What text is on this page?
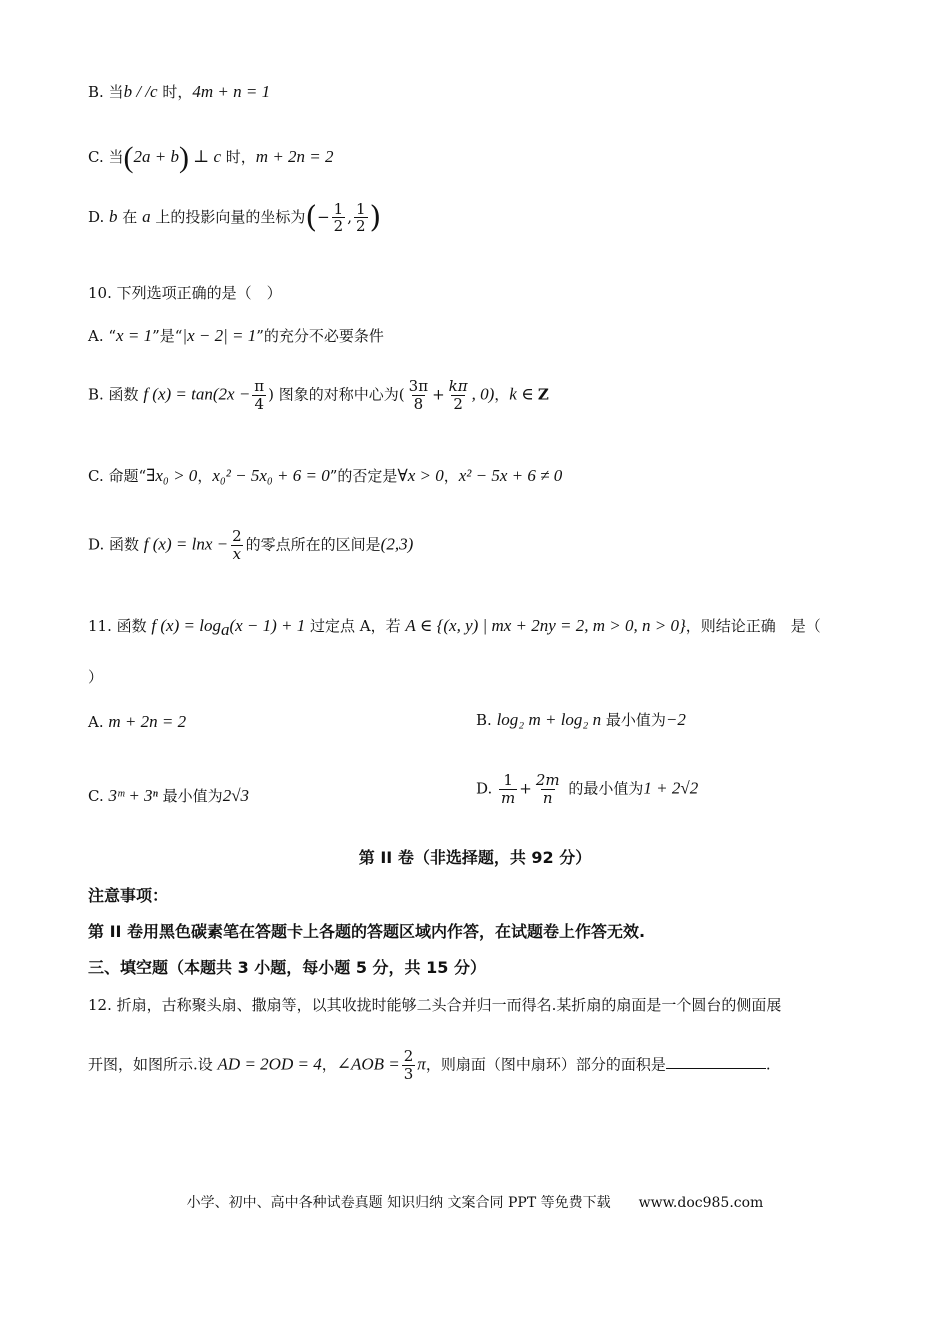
B. 当b / /c 时，4m + n = 1
C. 当(2a + b) ⊥ c 时，m + 2n = 2
D. b 在 a 上的投影向量的坐标为(− $\frac{1}{2}$ , $\frac{1}{2}$ )
10. 下列选项正确的是（　）
A. “x = 1”是“|x − 2| = 1”的充分不必要条件
B. 函数 f $(x) = \tan(2x - \frac{\pi}{4}$ ) 图象的对称中心为( $\frac{3\pi}{8} + \frac{k\pi}{2}$ , 0)，k ∈ Z
C. 命题“∃x₀ > 0，x₀² − 5x₀ + 6 = 0”的否定是∀x > 0，x² − 5x + 6 ≠ 0
D. 函数 f $(x) = \ln x - \frac{2}{x}$ 的零点所在的区间是(2,3)
11. 函数 f $(x) = \log_a(x - 1) + 1$ 过定点 A，若 A ∈ {(x, y) | mx + 2ny = 2, m > 0, n > 0}，则结论正确　是（
）
A. m + 2n = 2	B. log₂ m + log₂ n 最小值为−2
C. 3ᵐ + 3ⁿ 最小值为2√3	D. $\frac{1}{m} + \frac{2m}{n}$ 的最小值为1 + 2√2
第 II 卷（非选择题，共 92 分）
注意事项：
第 II 卷用黑色碳素笔在答题卡上各题的答题区域内作答，在试题卷上作答无效.
三、填空题（本题共 3 小题，每小题 5 分，共 15 分）
12. 折扇，古称聚头扇、撒扇等，以其收拢时能够二头合并归一而得名.某折扇的扇面是一个圆台的侧面展
开图，如图所示.设 AD = 2OD = 4，∠AOB = $\frac{2}{3}$ π，则扇面（图中扇环）部分的面积是	.
小学、初中、高中各种试卷真题 知识归纳 文案合同 PPT 等免费下载　　www.doc985.com
